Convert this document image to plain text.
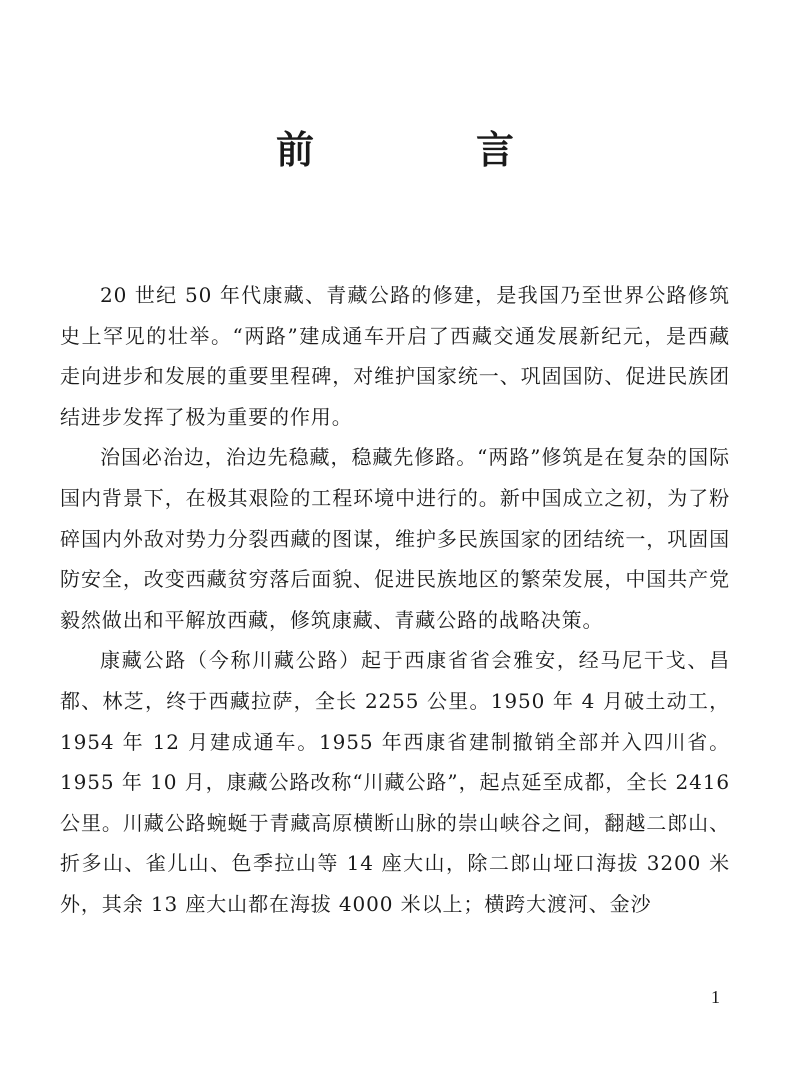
前　言

20 世纪 50 年代康藏、青藏公路的修建，是我国乃至世界公路修筑史上罕见的壮举。“两路”建成通车开启了西藏交通发展新纪元，是西藏走向进步和发展的重要里程碑，对维护国家统一、巩固国防、促进民族团结进步发挥了极为重要的作用。

治国必治边，治边先稳藏，稳藏先修路。“两路”修筑是在复杂的国际国内背景下，在极其艰险的工程环境中进行的。新中国成立之初，为了粉碎国内外敌对势力分裂西藏的图谋，维护多民族国家的团结统一，巩固国防安全，改变西藏贫穷落后面貌、促进民族地区的繁荣发展，中国共产党毅然做出和平解放西藏，修筑康藏、青藏公路的战略决策。

康藏公路（今称川藏公路）起于西康省省会雅安，经马尼干戈、昌都、林芝，终于西藏拉萨，全长 2255 公里。1950 年 4 月破土动工，1954 年 12 月建成通车。1955 年西康省建制撤销全部并入四川省。1955 年 10 月，康藏公路改称“川藏公路”，起点延至成都，全长 2416 公里。川藏公路蜿蜒于青藏高原横断山脉的崇山峡谷之间，翻越二郎山、折多山、雀儿山、色季拉山等 14 座大山，除二郎山垭口海拔 3200 米外，其余 13 座大山都在海拔 4000 米以上；横跨大渡河、金沙

1
